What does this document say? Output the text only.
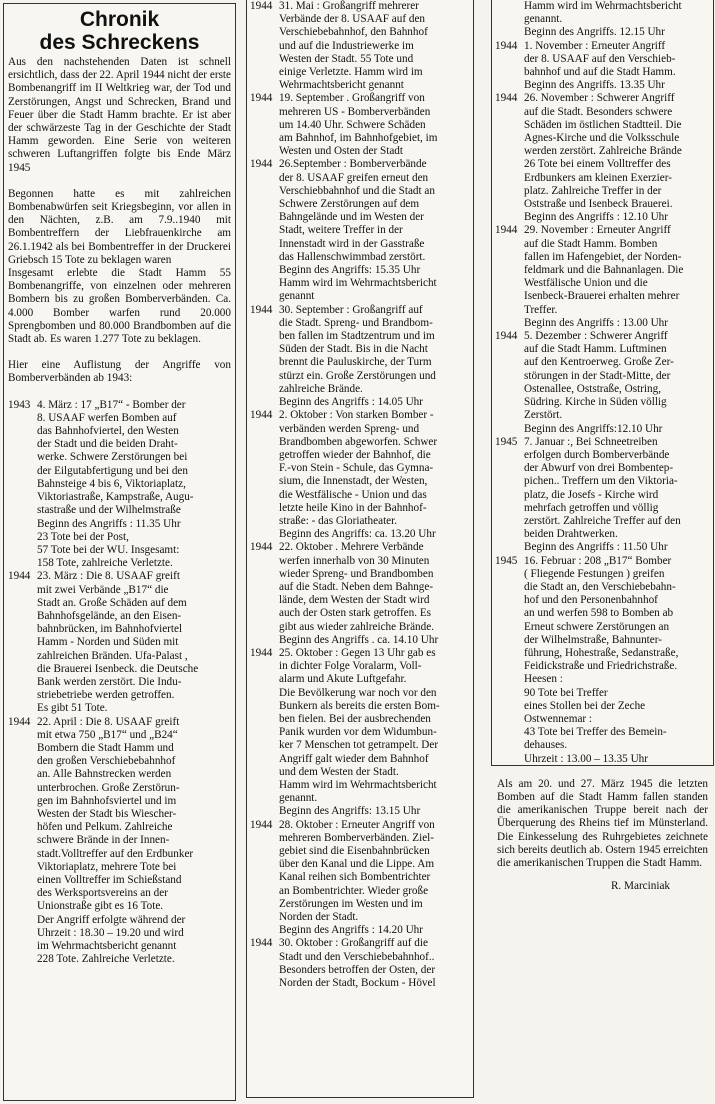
Chronik
des Schreckens

Aus den nachstehenden Daten ist schnell ersichtlich, dass der 22. April 1944 nicht der erste Bombenangriff im II Weltkrieg war, der Tod und Zerstörungen, Angst und Schrecken, Brand und Feuer über die Stadt Hamm brachte. Er ist aber der schwärzeste Tag in der Geschichte der Stadt Hamm geworden. Eine Serie von weiteren schweren Luftangriffen folgte bis Ende März 1945

Begonnen hatte es mit zahlreichen Bombenabwürfen seit Kriegsbeginn, vor allen in den Nächten, z.B. am 7.9..1940 mit Bombentreffern der Liebfrauenkirche am 26.1.1942 als bei Bombentreffer in der Druckerei Griebsch 15 Tote zu beklagen waren

Insgesamt erlebte die Stadt Hamm 55 Bombenangriffe, von einzelnen oder mehreren Bombern bis zu großen Bomberverbänden. Ca. 4.000 Bomber warfen rund 20.000 Sprengbomben und 80.000 Brandbomben auf die Stadt ab. Es waren 1.277 Tote zu beklagen.

Hier eine Auflistung der Angriffe von Bomberverbänden ab 1943:

1943 4. März : 17 „B17“ - Bomber der
8. USAAF werfen Bomben auf
das Bahnhofviertel, den Westen
der Stadt und die beiden Draht-
werke. Schwere Zerstörungen bei
der Eilgutabfertigung und bei den
Bahnsteige 4 bis 6, Viktoriaplatz,
Viktoriastraße, Kampstraße, Augu-
stastraße und der Wilhelmstraße
Beginn des Angriffs : 11.35 Uhr
23 Tote bei der Post,
57 Tote bei der WU. Insgesamt:
158 Tote, zahlreiche Verletzte.
1944 23. März : Die 8. USAAF greift
mit zwei Verbände „B17“ die
Stadt an. Große Schäden auf dem
Bahnhofsgelände, an den Eisen-
bahnbrücken, im Bahnhofviertel
Hamm - Norden und Süden mit
zahlreichen Bränden. Ufa-Palast ,
die Brauerei Isenbeck. die Deutsche
Bank werden zerstört. Die Indu-
striebetriebe werden getroffen.
Es gibt 51 Tote.
1944 22. April : Die 8. USAAF greift
mit etwa 750 „B17“ und „B24“
Bombern die Stadt Hamm und
den großen Verschiebebahnhof
an. Alle Bahnstrecken werden
unterbrochen. Große Zerstörun-
gen im Bahnhofsviertel und im
Westen der Stadt bis Wiescher-
höfen und Pelkum. Zahlreiche
schwere Brände in der Innen-
stadt.Volltreffer auf den Erdbunker
Viktoriaplatz, mehrere Tote bei
einen Volltreffer im Schießstand
des Werksportsvereins an der
Unionstraße gibt es 16 Tote.
Der Angriff erfolgte während der
Uhrzeit : 18.30 – 19.20 und wird
im Wehrmachtsbericht genannt
228 Tote. Zahlreiche Verletzte.
1944 31. Mai : Großangriff mehrerer
Verbände der 8. USAAF auf den
Verschiebebahnhof, den Bahnhof
und auf die Industriewerke im
Westen der Stadt. 55 Tote und
einige Verletzte. Hamm wird im
Wehrmachtsbericht genannt
1944 19. September . Großangriff von
mehreren US - Bomberverbänden
um 14.40 Uhr. Schwere Schäden
am Bahnhof, im Bahnhofgebiet, im
Westen und Osten der Stadt
1944 26.September : Bomberverbände
der 8. USAAF greifen erneut den
Verschiebbahnhof und die Stadt an
Schwere Zerstörungen auf dem
Bahngelände und im Westen der
Stadt, weitere Treffer in der
Innenstadt wird in der Gasstraße
das Hallenschwimmbad zerstört.
Beginn des Angriffs: 15.35 Uhr
Hamm wird im Wehrmachtsbericht
genannt
1944 30. September : Großangriff auf
die Stadt. Spreng- und Brandbom-
ben fallen im Stadtzentrum und im
Süden der Stadt. Bis in die Nacht
brennt die Pauluskirche, der Turm
stürzt ein. Große Zerstörungen und
zahlreiche Brände.
Beginn des Angriffs : 14.05 Uhr
1944 2. Oktober : Von starken Bomber -
verbänden werden Spreng- und
Brandbomben abgeworfen. Schwer
getroffen wieder der Bahnhof, die
F.-von Stein - Schule, das Gymna-
sium, die Innenstadt, der Westen,
die Westfälische - Union und das
letzte heile Kino in der Bahnhof-
straße: - das Gloriatheater.
Beginn des Angriffs: ca. 13.20 Uhr
1944 22. Oktober . Mehrere Verbände
werfen innerhalb von 30 Minuten
wieder Spreng- und Brandbomben
auf die Stadt. Neben dem Bahnge-
lände, dem Westen der Stadt wird
auch der Osten stark getroffen. Es
gibt aus wieder zahlreiche Brände.
Beginn des Angriffs . ca. 14.10 Uhr
1944 25. Oktober : Gegen 13 Uhr gab es
in dichter Folge Voralarm, Voll-
alarm und Akute Luftgefahr.
Die Bevölkerung war noch vor den
Bunkern als bereits die ersten Bom-
ben fielen. Bei der ausbrechenden
Panik wurden vor dem Widumbun-
ker 7 Menschen tot getrampelt. Der
Angriff galt wieder dem Bahnhof
und dem Westen der Stadt.
Hamm wird im Wehrmachtsbericht
genannt.
Beginn des Angriffs: 13.15 Uhr
1944 28. Oktober : Erneuter Angriff von
mehreren Bomberverbänden. Ziel-
gebiet sind die Eisenbahnbrücken
über den Kanal und die Lippe. Am
Kanal reihen sich Bombentrichter
an Bombentrichter. Wieder große
Zerstörungen im Westen und im
Norden der Stadt.
Beginn des Angriffs : 14.20 Uhr
1944 30. Oktober : Großangriff auf die
Stadt und den Verschiebebahnhof..
Besonders betroffen der Osten, der
Norden der Stadt, Bockum - Hövel
Hamm wird im Wehrmachtsbericht
genannt.
Beginn des Angriffs. 12.15 Uhr
1944 1. November : Erneuter Angriff
der 8. USAAF auf den Verschieb-
bahnhof und auf die Stadt Hamm.
Beginn des Angriffs. 13.35 Uhr
1944 26. November : Schwerer Angriff
auf die Stadt. Besonders schwere
Schäden im östlichen Stadtteil. Die
Agnes-Kirche und die Volksschule
werden zerstört. Zahlreiche Brände
26 Tote bei einem Volltreffer des
Erdbunkers am kleinen Exerzier-
platz. Zahlreiche Treffer in der
Oststraße und Isenbeck Brauerei.
Beginn des Angriffs : 12.10 Uhr
1944 29. November : Erneuter Angriff
auf die Stadt Hamm. Bomben
fallen im Hafengebiet, der Norden-
feldmark und die Bahnanlagen. Die
Westfälische Union und die
Isenbeck-Brauerei erhalten mehrer
Treffer.
Beginn des Angriffs : 13.00 Uhr
1944 5. Dezember : Schwerer Angriff
auf die Stadt Hamm. Luftminen
auf den Kentroerweg. Große Zer-
störungen in der Stadt-Mitte, der
Ostenallee, Oststraße, Ostring,
Südring. Kirche in Süden völlig
Zerstört.
Beginn des Angriffs:12.10 Uhr
1945 7. Januar :, Bei Schneetreiben
erfolgen durch Bomberverbände
der Abwurf von drei Bombentep-
pichen.. Treffern um den Viktoria-
platz, die Josefs - Kirche wird
mehrfach getroffen und völlig
zerstört. Zahlreiche Treffer auf den
beiden Drahtwerken.
Beginn des Angriffs : 11.50 Uhr
1945 16. Februar : 208 „B17“ Bomber
( Fliegende Festungen ) greifen
die Stadt an, den Verschiebebahn-
hof und den Personenbahnhof
an und werfen 598 to Bomben ab
Erneut schwere Zerstörungen an
der Wilhelmstraße, Bahnunter-
führung, Hohestraße, Sedanstraße,
Feidickstraße und Friedrichstraße.
Heesen :
90 Tote bei Treffer
eines Stollen bei der Zeche
Ostwennemar :
43 Tote bei Treffer des Bemein-
dehauses.
Uhrzeit : 13.00 – 13.35 Uhr

Als am 20. und 27. März 1945 die letzten Bomben auf die Stadt Hamm fallen standen die amerikanischen Truppe bereit nach der Überquerung des Rheins tief im Münsterland. Die Einkesselung des Ruhrgebietes zeichnete sich bereits deutlich ab. Ostern 1945 erreichten die amerikanischen Truppen die Stadt Hamm.

R. Marciniak
